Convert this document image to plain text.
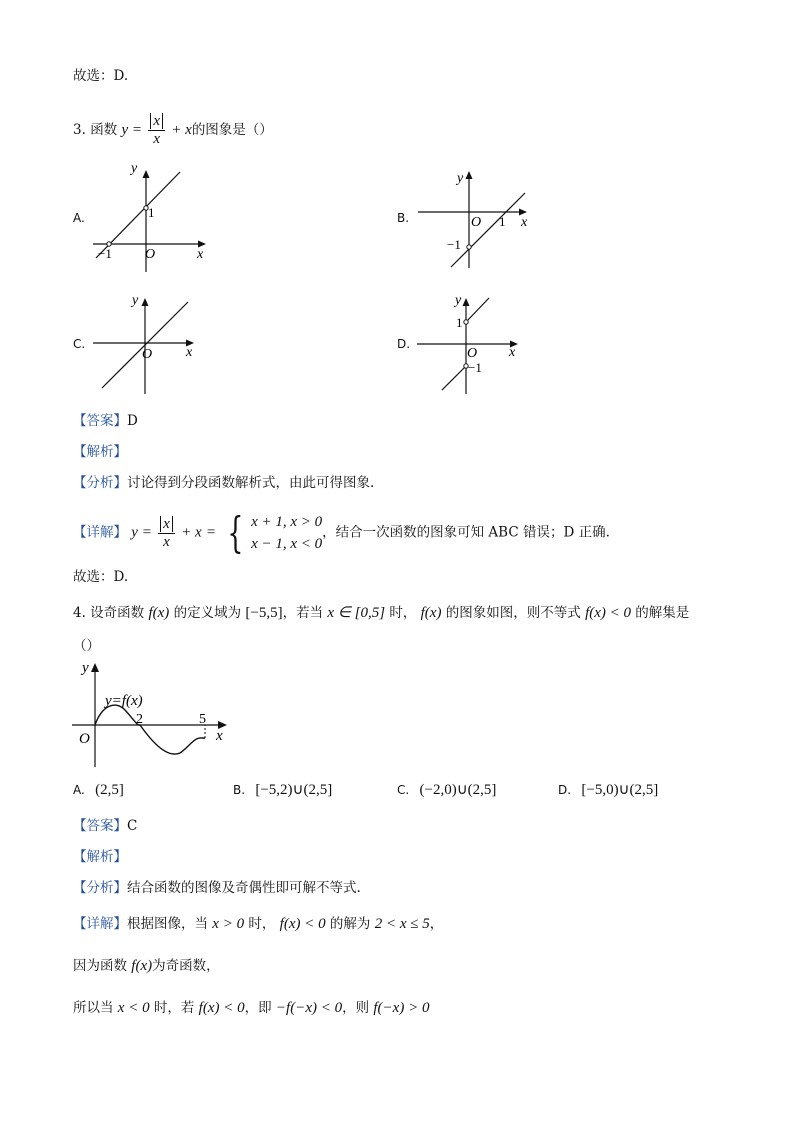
故选：D.
3. 函数 $y = \frac{x}{x} + x$的图象是（）
A.
y
x
O
1
−1
B.
y
x
O 1
−1
C.
y
x
O
D.
y
x
O
1
−1
【答案】D
【解析】
【分析】讨论得到分段函数解析式，由此可得图象.
【详解】 $y = \frac{x}{x} + x$ = { x + 1, x > 0
x − 1, x < 0
，结合一次函数的图象可知 ABC 错误；D 正确.
故选：D.
4. 设奇函数 f(x) 的定义域为 [−5,5]，若当 x ∈ [0,5] 时， f(x) 的图象如图，则不等式 f(x) < 0 的解集是
（）
y
x
O
y=f(x)
2	5
A. (2,5]	B. [−5,2)∪(2,5]	C. (−2,0)∪(2,5]	D. [−5,0)∪(2,5]
【答案】C
【解析】
【分析】结合函数的图像及奇偶性即可解不等式.
【详解】根据图像，当 x > 0 时， f(x) < 0 的解为 2 < x ≤ 5，
因为函数 f(x)为奇函数，
所以当 x < 0 时，若 f(x) < 0，即 −f(−x) < 0，则 f(−x) > 0
